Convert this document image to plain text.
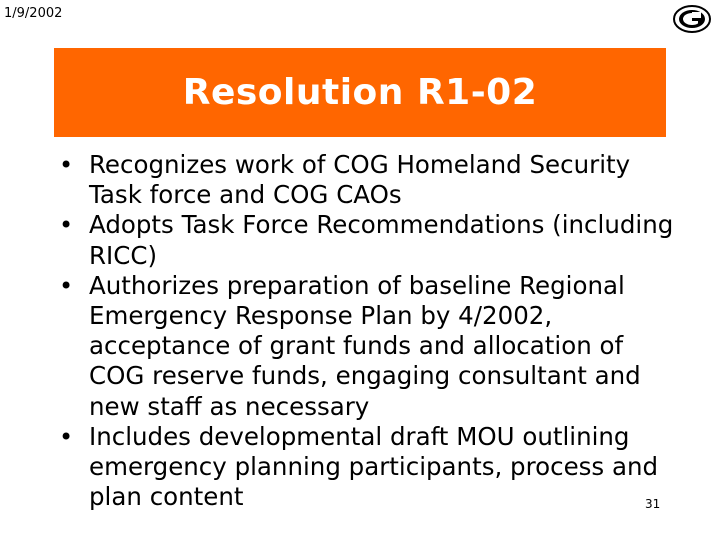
1/9/2002
Resolution R1-02
• Recognizes work of COG Homeland Security Task force and COG CAOs
• Adopts Task Force Recommendations (including RICC)
• Authorizes preparation of baseline Regional Emergency Response Plan by 4/2002, acceptance of grant funds and allocation of COG reserve funds, engaging consultant and new staff as necessary
• Includes developmental draft MOU outlining emergency planning participants, process and plan content	31
